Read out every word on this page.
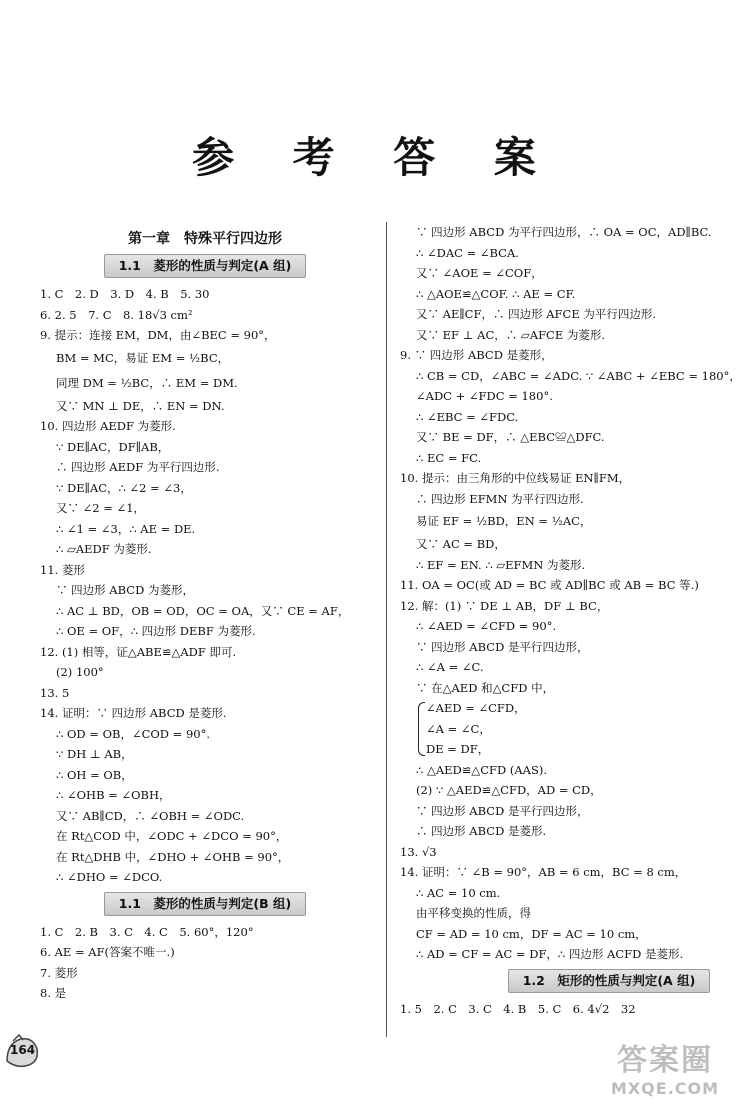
参 考 答 案
第一章　特殊平行四边形
1.1　菱形的性质与判定(A 组)
1. C　2. D　3. D　4. B　5. 30
6. 2. 5　7. C　8. 18√3 cm²
9. 提示：连接 EM，DM，由∠BEC = 90°，
BM = MC，易证 EM = ½BC，
同理 DM = ½BC，∴ EM = DM.
又∵ MN ⊥ DE，∴ EN = DN.
10. 四边形 AEDF 为菱形.
∵ DE∥AC，DF∥AB，
∴ 四边形 AEDF 为平行四边形.
∵ DE∥AC，∴ ∠2 = ∠3，
又∵ ∠2 = ∠1，
∴ ∠1 = ∠3，∴ AE = DE.
∴ ▱AEDF 为菱形.
11. 菱形
∵ 四边形 ABCD 为菱形，
∴ AC ⊥ BD，OB = OD，OC = OA，又∵ CE = AF，
∴ OE = OF，∴ 四边形 DEBF 为菱形.
12. (1) 相等，证△ABE≌△ADF 即可.
(2) 100°
13. 5
14. 证明：∵ 四边形 ABCD 是菱形.
∴ OD = OB，∠COD = 90°.
∵ DH ⊥ AB，
∴ OH = OB，
∴ ∠OHB = ∠OBH，
又∵ AB∥CD，∴ ∠OBH = ∠ODC.
在 Rt△COD 中，∠ODC + ∠DCO = 90°，
在 Rt△DHB 中，∠DHO + ∠OHB = 90°，
∴ ∠DHO = ∠DCO.
1.1　菱形的性质与判定(B 组)
1. C　2. B　3. C　4. C　5. 60°，120°
6. AE = AF(答案不唯一.)
7. 菱形
8. 是
∵ 四边形 ABCD 为平行四边形，∴ OA = OC，AD∥BC.
∴ ∠DAC = ∠BCA.
又∵ ∠AOE = ∠COF，
∴ △AOE≌△COF. ∴ AE = CF.
又∵ AE∥CF，∴ 四边形 AFCE 为平行四边形.
又∵ EF ⊥ AC，∴ ▱AFCE 为菱形.
9. ∵ 四边形 ABCD 是菱形，
∴ CB = CD，∠ABC = ∠ADC. ∵ ∠ABC + ∠EBC = 180°，
∠ADC + ∠FDC = 180°.
∴ ∠EBC = ∠FDC.
又∵ BE = DF，∴ △EBC≌△DFC.
∴ EC = FC.
10. 提示：由三角形的中位线易证 EN∥FM，
∴ 四边形 EFMN 为平行四边形.
易证 EF = ½BD，EN = ½AC，
又∵ AC = BD，
∴ EF = EN. ∴ ▱EFMN 为菱形.
11. OA = OC(或 AD = BC 或 AD∥BC 或 AB = BC 等.)
12. 解：(1) ∵ DE ⊥ AB，DF ⊥ BC，
∴ ∠AED = ∠CFD = 90°.
∵ 四边形 ABCD 是平行四边形，
∴ ∠A = ∠C.
∵ 在△AED 和△CFD 中，
∠AED = ∠CFD，
∠A = ∠C，
DE = DF，
∴ △AED≌△CFD (AAS).
(2) ∵ △AED≌△CFD，AD = CD，
∵ 四边形 ABCD 是平行四边形，
∴ 四边形 ABCD 是菱形.
13. √3
14. 证明：∵ ∠B = 90°，AB = 6 cm，BC = 8 cm，
∴ AC = 10 cm.
由平移变换的性质，得
CF = AD = 10 cm，DF = AC = 10 cm，
∴ AD = CF = AC = DF，∴ 四边形 ACFD 是菱形.
1.2　矩形的性质与判定(A 组)
1. 5　2. C　3. C　4. B　5. C　6. 4√2　32
164	答案圈
MXQE.COM
